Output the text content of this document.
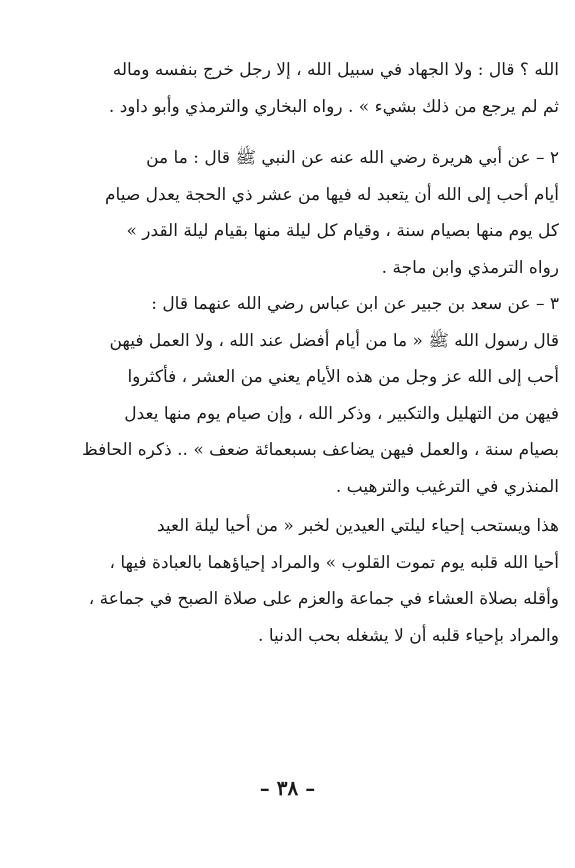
الله ؟ قال : ولا الجهاد في سبيل الله ، إلا رجل خرج بنفسه وماله
ثم لم يرجع من ذلك بشيء » . رواه البخاري والترمذي وأبو داود .
٢ – عن أبي هريرة رضي الله عنه عن النبي ﷺ قال : ما من
أيام أحب إلى الله أن يتعبد له فيها من عشر ذي الحجة يعدل صيام
كل يوم منها بصيام سنة ، وقيام كل ليلة منها بقيام ليلة القدر »
رواه الترمذي وابن ماجة .
٣ – عن سعد بن جبير عن ابن عباس رضي الله عنهما قال :
قال رسول الله ﷺ « ما من أيام أفضل عند الله ، ولا العمل فيهن
أحب إلى الله عز وجل من هذه الأيام يعني من العشر ، فأكثروا
فيهن من التهليل والتكبير ، وذكر الله ، وإن صيام يوم منها يعدل
بصيام سنة ، والعمل فيهن يضاعف بسبعمائة ضعف » .. ذكره الحافظ
المنذري في الترغيب والترهيب .
هذا ويستحب إحياء ليلتي العيدين لخبر « من أحيا ليلة العيد
أحيا الله قلبه يوم تموت القلوب » والمراد إحياؤهما بالعبادة فيها ،
وأقله بصلاة العشاء في جماعة والعزم على صلاة الصبح في جماعة ،
والمراد بإحياء قلبه أن لا يشغله بحب الدنيا .
– ٣٨ –
